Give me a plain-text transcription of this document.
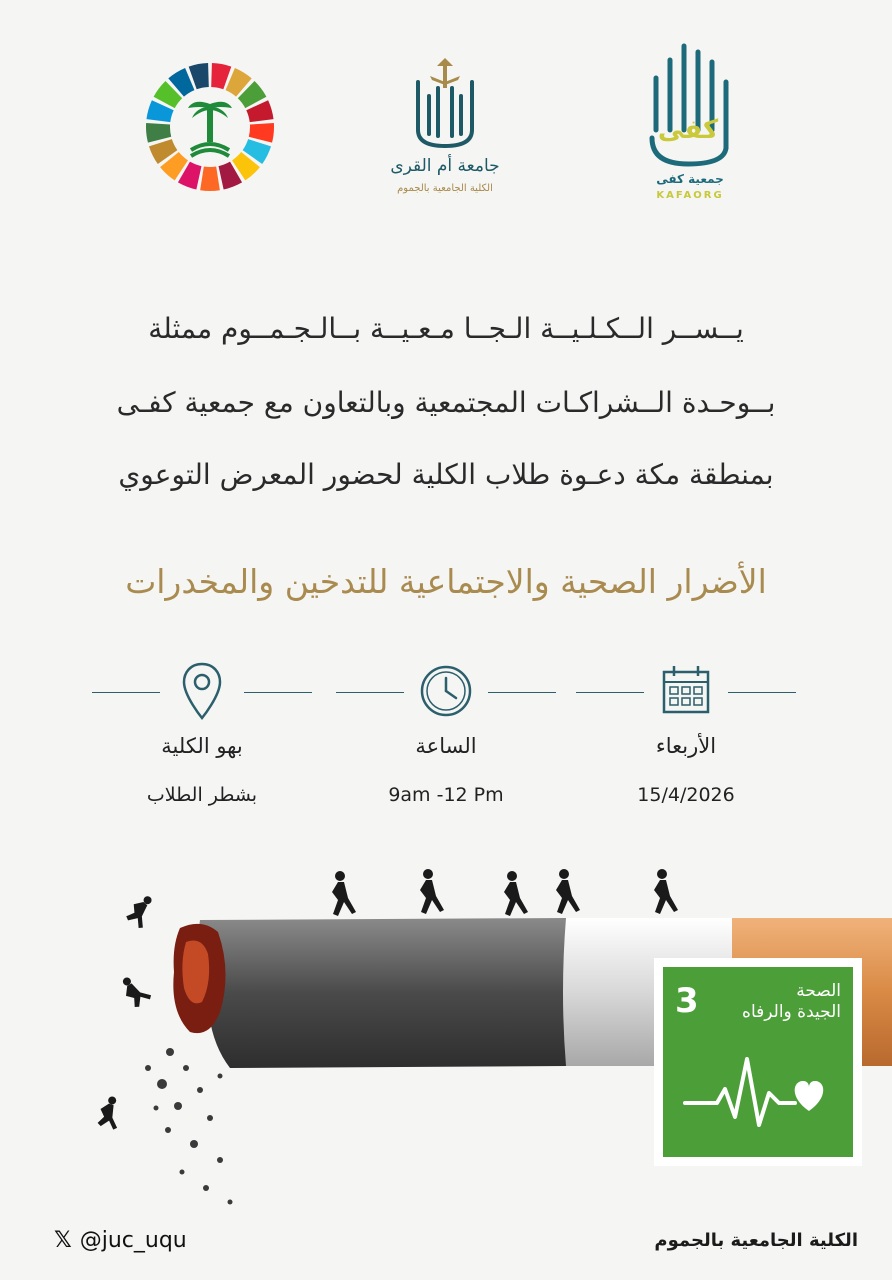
جامعة أم القرى
الكلية الجامعية بالجموم
كفى
جمعية كفى
KAFAORG
يــســر الــكـلـيــة الـجــا مـعـيــة بــالـجـمــوم ممثلة
بــوحـدة الــشراكـات المجتمعية وبالتعاون مع جمعية كفـى
بمنطقة مكة دعـوة طلاب الكلية لحضور المعرض التوعوي
الأضرار الصحية والاجتماعية للتدخين والمخدرات
بهو الكلية
بشطر الطلاب
الساعة
9am -12 Pm
الأربعاء
15/4/2026
3	الصحة
الجيدة والرفاه
𝕏 @juc_uqu	الكلية الجامعية بالجموم
